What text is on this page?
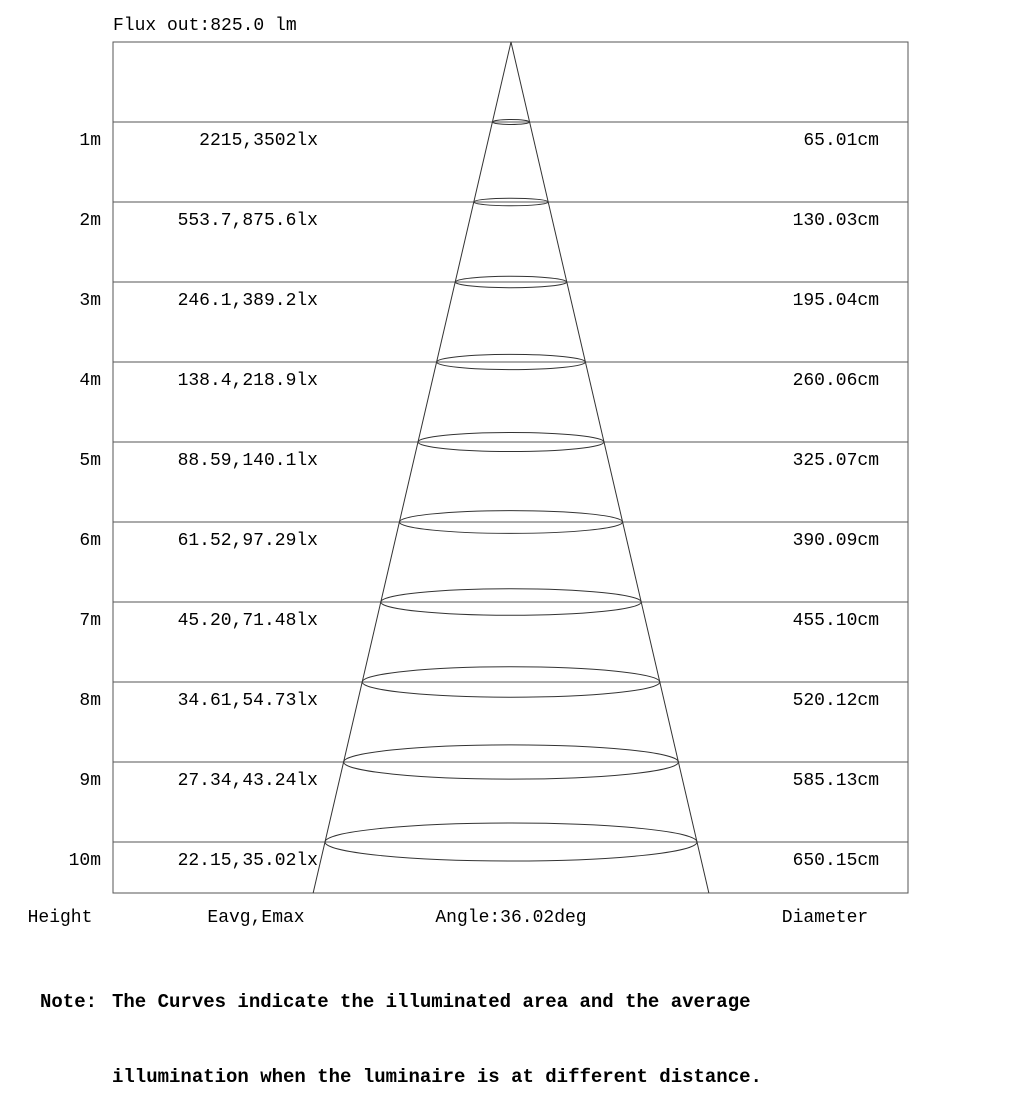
Flux out:825.0 lm
1m	2215,3502lx	65.01cm
2m	553.7,875.6lx	130.03cm
3m	246.1,389.2lx	195.04cm
4m	138.4,218.9lx	260.06cm
5m	88.59,140.1lx	325.07cm
6m	61.52,97.29lx	390.09cm
7m	45.20,71.48lx	455.10cm
8m	34.61,54.73lx	520.12cm
9m	27.34,43.24lx	585.13cm
10m	22.15,35.02lx	650.15cm
Height	Eavg,Emax	Angle:36.02deg	Diameter

Note: The Curves indicate the illuminated area and the average

illumination when the luminaire is at different distance.
